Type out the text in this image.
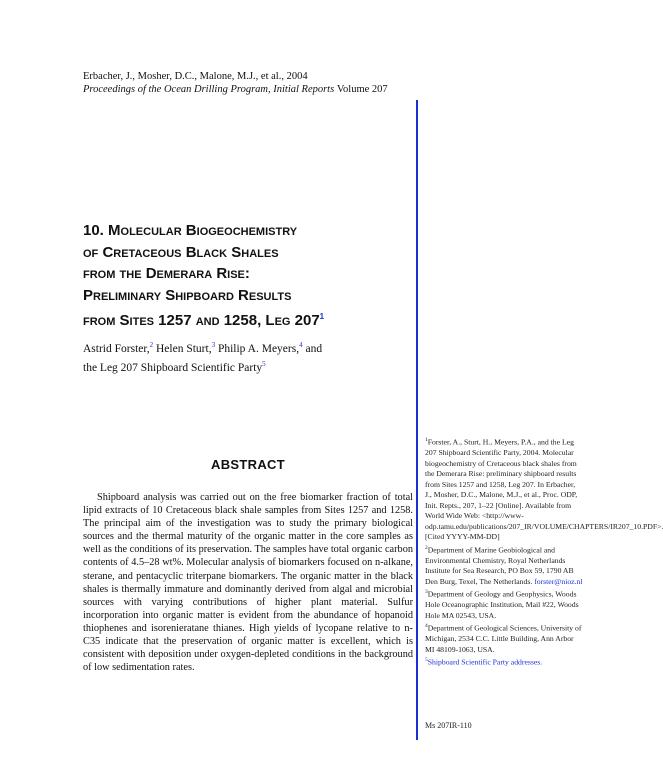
Erbacher, J., Mosher, D.C., Malone, M.J., et al., 2004
Proceedings of the Ocean Drilling Program, Initial Reports Volume 207
10. Molecular Biogeochemistry
of Cretaceous Black Shales
from the Demerara Rise:
Preliminary Shipboard Results
from Sites 1257 and 1258, Leg $207^1$
Astrid Forster,$^2$ Helen Sturt,$^3$ Philip A. Meyers,$^4$ and
the Leg 207 Shipboard Scientific Party$^5$
ABSTRACT

Shipboard analysis was carried out on the free biomarker fraction of total lipid extracts of 10 Cretaceous black shale samples from Sites 1257 and 1258. The principal aim of the investigation was to study the primary biological sources and the thermal maturity of the organic matter in the core samples as well as the conditions of its preservation. The samples have total organic carbon contents of 4.5–28 wt%. Molecular analysis of biomarkers focused on n-alkane, sterane, and pentacyclic triterpane biomarkers. The organic matter in the black shales is thermally immature and dominantly derived from algal and microbial sources with varying contributions of higher plant material. Sulfur incorporation into organic matter is evident from the abundance of hopanoid thiophenes and isorenieratane thianes. High yields of lycopane relative to n-C35 indicate that the preservation of organic matter is excellent, which is consistent with deposition under oxygen-depleted conditions in the background of low sedimentation rates.

$^1$Forster, A., Sturt, H., Meyers, P.A., and the Leg 207 Shipboard Scientific Party, 2004. Molecular biogeochemistry of Cretaceous black shales from the Demerara Rise: preliminary shipboard results from Sites 1257 and 1258, Leg 207. In Erbacher, J., Mosher, D.C., Malone, M.J., et al., Proc. ODP, Init. Repts., 207, 1–22 [Online]. Available from World Wide Web: <http://www-odp.tamu.edu/publications/207_IR/VOLUME/CHAPTERS/IR207_10.PDF>. [Cited YYYY-MM-DD]

$^2$Department of Marine Geobiological and Environmental Chemistry, Royal Netherlands Institute for Sea Research, PO Box 59, 1790 AB Den Burg, Texel, The Netherlands. forster@nioz.nl

$^3$Department of Geology and Geophysics, Woods Hole Oceanographic Institution, Mail #22, Woods Hole MA 02543, USA.

$^4$Department of Geological Sciences, University of Michigan, 2534 C.C. Little Building, Ann Arbor MI 48109-1063, USA.

$^5$Shipboard Scientific Party addresses.

Ms 207IR-110
